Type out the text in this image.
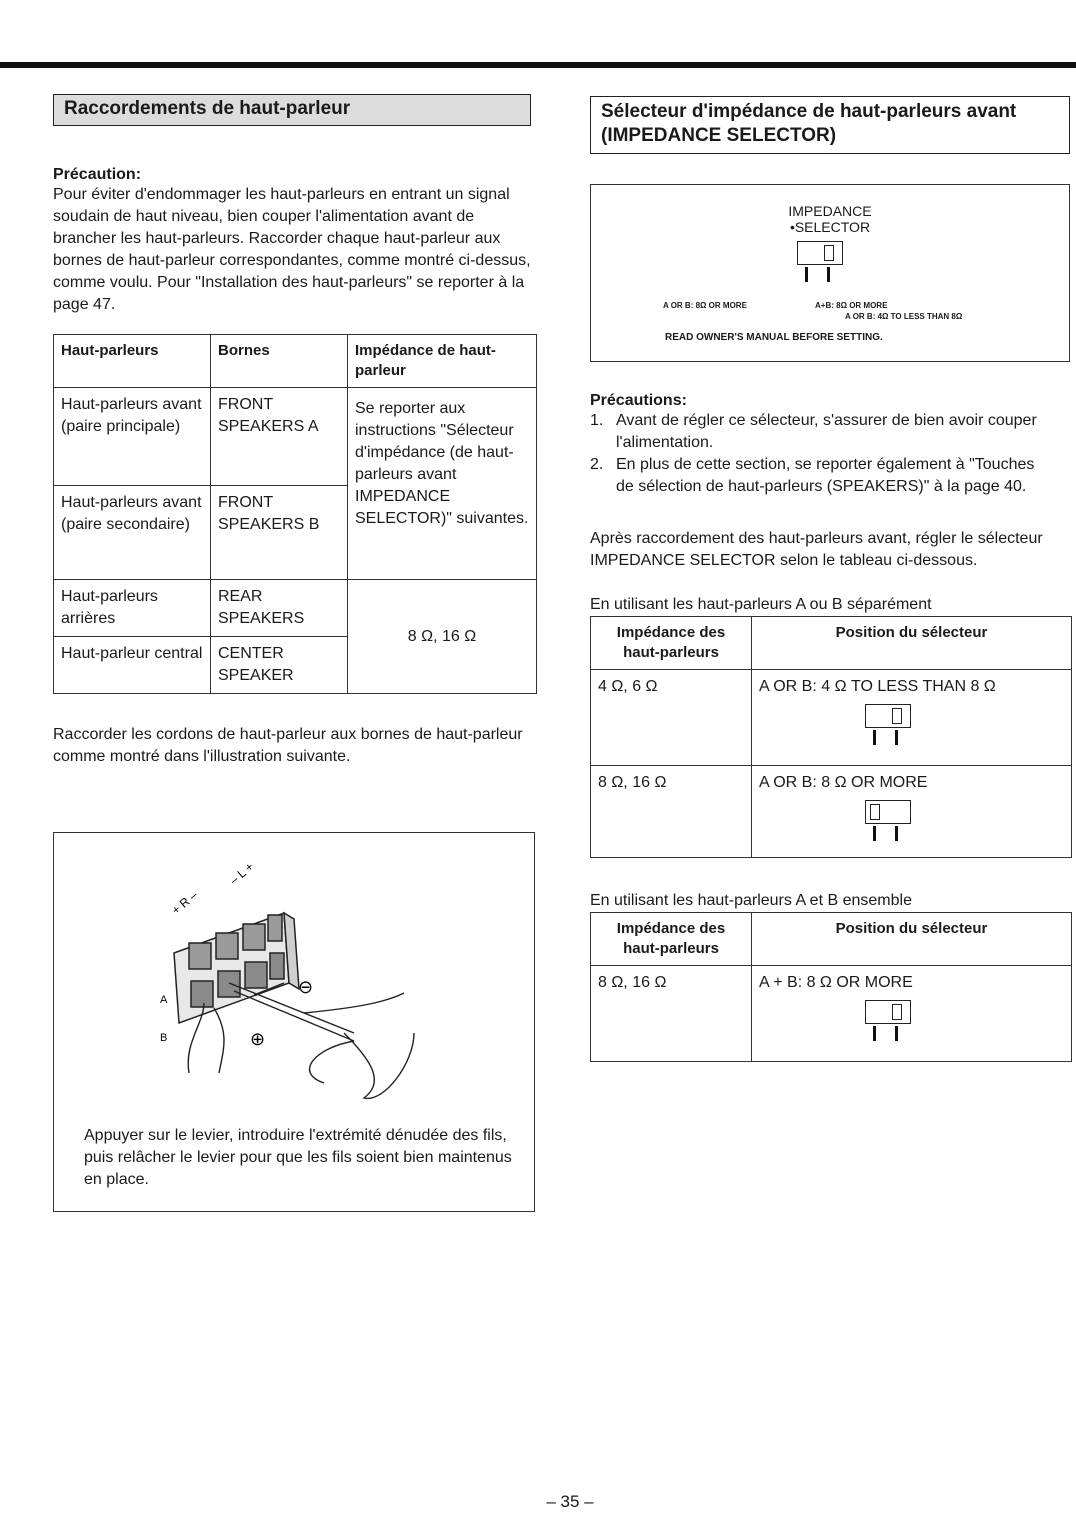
Raccordements de haut-parleur
Précaution:

Pour éviter d'endommager les haut-parleurs en entrant un signal soudain de haut niveau, bien couper l'alimentation avant de brancher les haut-parleurs. Raccorder chaque haut-parleur aux bornes de haut-parleur correspondantes, comme montré ci-dessus, comme voulu. Pour "Installation des haut-parleurs" se reporter à la page 47.

Haut-parleurs	Bornes	Impédance de haut-parleur
Haut-parleurs avant (paire principale)	FRONT SPEAKERS A	Se reporter aux instructions "Sélecteur d'impédance (de haut-parleurs avant IMPEDANCE SELECTOR)" suivantes.
Haut-parleurs avant (paire secondaire)	FRONT SPEAKERS B	
Haut-parleurs arrières	REAR SPEAKERS	8 Ω, 16 Ω
Haut-parleur central	CENTER SPEAKER	

Raccorder les cordons de haut-parleur aux bornes de haut-parleur comme montré dans l'illustration suivante.

A
B
+ R –
– L +
⊖
⊕
Appuyer sur le levier, introduire l'extrémité dénudée des fils, puis relâcher le levier pour que les fils soient bien maintenus en place.
Sélecteur d'impédance de haut-parleurs avant (IMPEDANCE SELECTOR)
IMPEDANCE
•SELECTOR
A OR B: 8Ω OR MORE	A+B: 8Ω OR MORE
A OR B: 4Ω TO LESS THAN 8Ω
READ OWNER'S MANUAL BEFORE SETTING.
Précautions:
1. Avant de régler ce sélecteur, s'assurer de bien avoir couper l'alimentation.
2. En plus de cette section, se reporter également à "Touches de sélection de haut-parleurs (SPEAKERS)" à la page 40.

Après raccordement des haut-parleurs avant, régler le sélecteur IMPEDANCE SELECTOR selon le tableau ci-dessous.

En utilisant les haut-parleurs A ou B séparément
Impédance des haut-parleurs	Position du sélecteur
4 Ω, 6 Ω	A OR B: 4 Ω TO LESS THAN 8 Ω

8 Ω, 16 Ω	A OR B: 8 Ω OR MORE
En utilisant les haut-parleurs A et B ensemble
Impédance des haut-parleurs	Position du sélecteur
8 Ω, 16 Ω	A + B: 8 Ω OR MORE
– 35 –
